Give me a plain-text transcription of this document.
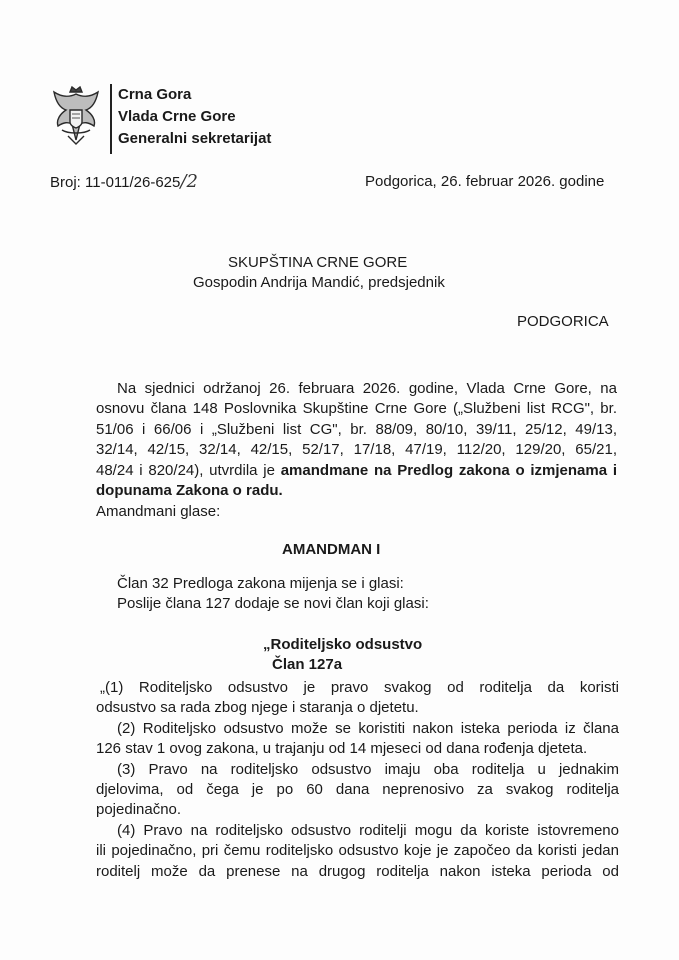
Crna Gora
Vlada Crne Gore
Generalni sekretarijat
Broj: 11-011/26-625/2	Podgorica, 26. februar 2026. godine
SKUPŠTINA CRNE GORE
Gospodin Andrija Mandić, predsjednik
PODGORICA
Na sjednici održanoj 26. februara 2026. godine, Vlada Crne Gore, na
osnovu člana 148 Poslovnika Skupštine Crne Gore („Službeni list RCG", br.
51/06 i 66/06 i „Službeni list CG", br. 88/09, 80/10, 39/11, 25/12, 49/13,
32/14, 42/15, 32/14, 42/15, 52/17, 17/18, 47/19, 112/20, 129/20, 65/21,
48/24 i 820/24), utvrdila je amandmane na Predlog zakona o izmjenama i
dopunama Zakona o radu.
Amandmani glase:
AMANDMAN I
Član 32 Predloga zakona mijenja se i glasi:
Poslije člana 127 dodaje se novi član koji glasi:
„Roditeljsko odsustvo
Član 127a
„(1) Roditeljsko odsustvo je pravo svakog od roditelja da koristi
odsustvo sa rada zbog njege i staranja o djetetu.
(2) Roditeljsko odsustvo može se koristiti nakon isteka perioda iz člana
126 stav 1 ovog zakona, u trajanju od 14 mjeseci od dana rođenja djeteta.
(3) Pravo na roditeljsko odsustvo imaju oba roditelja u jednakim
djelovima, od čega je po 60 dana neprenosivo za svakog roditelja
pojedinačno.
(4) Pravo na roditeljsko odsustvo roditelji mogu da koriste istovremeno
ili pojedinačno, pri čemu roditeljsko odsustvo koje je započeo da koristi jedan
roditelj može da prenese na drugog roditelja nakon isteka perioda od
